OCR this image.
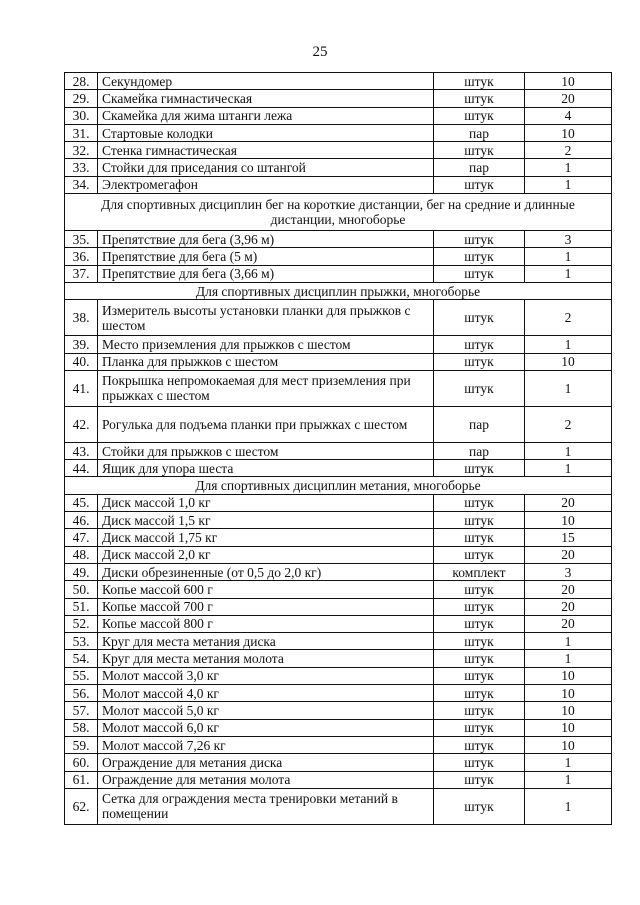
25
28.	Секундомер	штук	10
29.	Скамейка гимнастическая	штук	20
30.	Скамейка для жима штанги лежа	штук	4
31.	Стартовые колодки	пар	10
32.	Стенка гимнастическая	штук	2
33.	Стойки для приседания со штангой	пар	1
34.	Электромегафон	штук	1
Для спортивных дисциплин бег на короткие дистанции, бег на средние и длинные дистанции, многоборье			
35.	Препятствие для бега (3,96 м)	штук	3
36.	Препятствие для бега (5 м)	штук	1
37.	Препятствие для бега (3,66 м)	штук	1
Для спортивных дисциплин прыжки, многоборье			
38.	Измеритель высоты установки планки для прыжков с шестом	штук	2
39.	Место приземления для прыжков с шестом	штук	1
40.	Планка для прыжков с шестом	штук	10
41.	Покрышка непромокаемая для мест приземления при прыжках с шестом	штук	1
42.	Рогулька для подъема планки при прыжках с шестом	пар	2
43.	Стойки для прыжков с шестом	пар	1
44.	Ящик для упора шеста	штук	1
Для спортивных дисциплин метания, многоборье			
45.	Диск массой 1,0 кг	штук	20
46.	Диск массой 1,5 кг	штук	10
47.	Диск массой 1,75 кг	штук	15
48.	Диск массой 2,0 кг	штук	20
49.	Диски обрезиненные (от 0,5 до 2,0 кг)	комплект	3
50.	Копье массой 600 г	штук	20
51.	Копье массой 700 г	штук	20
52.	Копье массой 800 г	штук	20
53.	Круг для места метания диска	штук	1
54.	Круг для места метания молота	штук	1
55.	Молот массой 3,0 кг	штук	10
56.	Молот массой 4,0 кг	штук	10
57.	Молот массой 5,0 кг	штук	10
58.	Молот массой 6,0 кг	штук	10
59.	Молот массой 7,26 кг	штук	10
60.	Ограждение для метания диска	штук	1
61.	Ограждение для метания молота	штук	1
62.	Сетка для ограждения места тренировки метаний в помещении	штук	1
